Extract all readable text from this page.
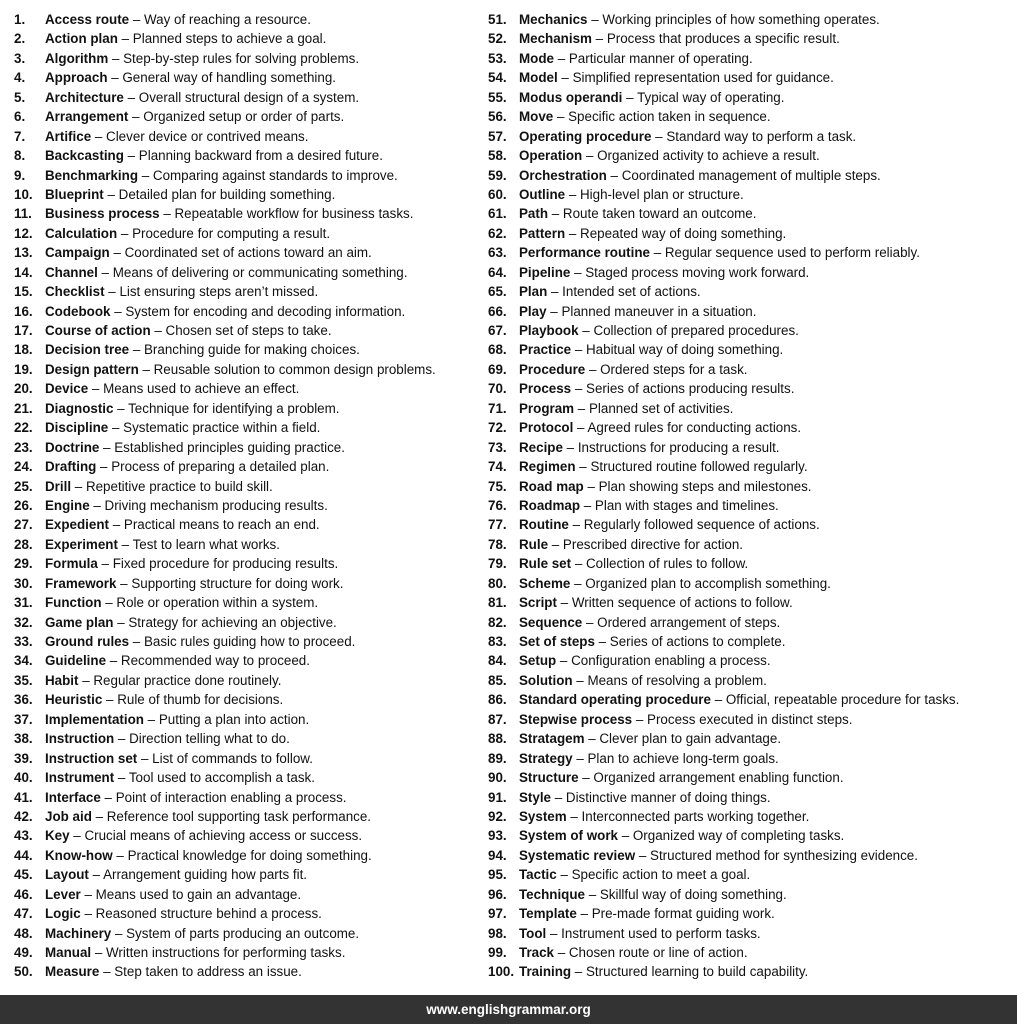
1. Access route – Way of reaching a resource.
2. Action plan – Planned steps to achieve a goal.
3. Algorithm – Step-by-step rules for solving problems.
4. Approach – General way of handling something.
5. Architecture – Overall structural design of a system.
6. Arrangement – Organized setup or order of parts.
7. Artifice – Clever device or contrived means.
8. Backcasting – Planning backward from a desired future.
9. Benchmarking – Comparing against standards to improve.
10. Blueprint – Detailed plan for building something.
11. Business process – Repeatable workflow for business tasks.
12. Calculation – Procedure for computing a result.
13. Campaign – Coordinated set of actions toward an aim.
14. Channel – Means of delivering or communicating something.
15. Checklist – List ensuring steps aren’t missed.
16. Codebook – System for encoding and decoding information.
17. Course of action – Chosen set of steps to take.
18. Decision tree – Branching guide for making choices.
19. Design pattern – Reusable solution to common design problems.
20. Device – Means used to achieve an effect.
21. Diagnostic – Technique for identifying a problem.
22. Discipline – Systematic practice within a field.
23. Doctrine – Established principles guiding practice.
24. Drafting – Process of preparing a detailed plan.
25. Drill – Repetitive practice to build skill.
26. Engine – Driving mechanism producing results.
27. Expedient – Practical means to reach an end.
28. Experiment – Test to learn what works.
29. Formula – Fixed procedure for producing results.
30. Framework – Supporting structure for doing work.
31. Function – Role or operation within a system.
32. Game plan – Strategy for achieving an objective.
33. Ground rules – Basic rules guiding how to proceed.
34. Guideline – Recommended way to proceed.
35. Habit – Regular practice done routinely.
36. Heuristic – Rule of thumb for decisions.
37. Implementation – Putting a plan into action.
38. Instruction – Direction telling what to do.
39. Instruction set – List of commands to follow.
40. Instrument – Tool used to accomplish a task.
41. Interface – Point of interaction enabling a process.
42. Job aid – Reference tool supporting task performance.
43. Key – Crucial means of achieving access or success.
44. Know-how – Practical knowledge for doing something.
45. Layout – Arrangement guiding how parts fit.
46. Lever – Means used to gain an advantage.
47. Logic – Reasoned structure behind a process.
48. Machinery – System of parts producing an outcome.
49. Manual – Written instructions for performing tasks.
50. Measure – Step taken to address an issue.
51. Mechanics – Working principles of how something operates.
52. Mechanism – Process that produces a specific result.
53. Mode – Particular manner of operating.
54. Model – Simplified representation used for guidance.
55. Modus operandi – Typical way of operating.
56. Move – Specific action taken in sequence.
57. Operating procedure – Standard way to perform a task.
58. Operation – Organized activity to achieve a result.
59. Orchestration – Coordinated management of multiple steps.
60. Outline – High-level plan or structure.
61. Path – Route taken toward an outcome.
62. Pattern – Repeated way of doing something.
63. Performance routine – Regular sequence used to perform reliably.
64. Pipeline – Staged process moving work forward.
65. Plan – Intended set of actions.
66. Play – Planned maneuver in a situation.
67. Playbook – Collection of prepared procedures.
68. Practice – Habitual way of doing something.
69. Procedure – Ordered steps for a task.
70. Process – Series of actions producing results.
71. Program – Planned set of activities.
72. Protocol – Agreed rules for conducting actions.
73. Recipe – Instructions for producing a result.
74. Regimen – Structured routine followed regularly.
75. Road map – Plan showing steps and milestones.
76. Roadmap – Plan with stages and timelines.
77. Routine – Regularly followed sequence of actions.
78. Rule – Prescribed directive for action.
79. Rule set – Collection of rules to follow.
80. Scheme – Organized plan to accomplish something.
81. Script – Written sequence of actions to follow.
82. Sequence – Ordered arrangement of steps.
83. Set of steps – Series of actions to complete.
84. Setup – Configuration enabling a process.
85. Solution – Means of resolving a problem.
86. Standard operating procedure – Official, repeatable procedure for tasks.
87. Stepwise process – Process executed in distinct steps.
88. Stratagem – Clever plan to gain advantage.
89. Strategy – Plan to achieve long-term goals.
90. Structure – Organized arrangement enabling function.
91. Style – Distinctive manner of doing things.
92. System – Interconnected parts working together.
93. System of work – Organized way of completing tasks.
94. Systematic review – Structured method for synthesizing evidence.
95. Tactic – Specific action to meet a goal.
96. Technique – Skillful way of doing something.
97. Template – Pre-made format guiding work.
98. Tool – Instrument used to perform tasks.
99. Track – Chosen route or line of action.
100. Training – Structured learning to build capability.
www.englishgrammar.org
